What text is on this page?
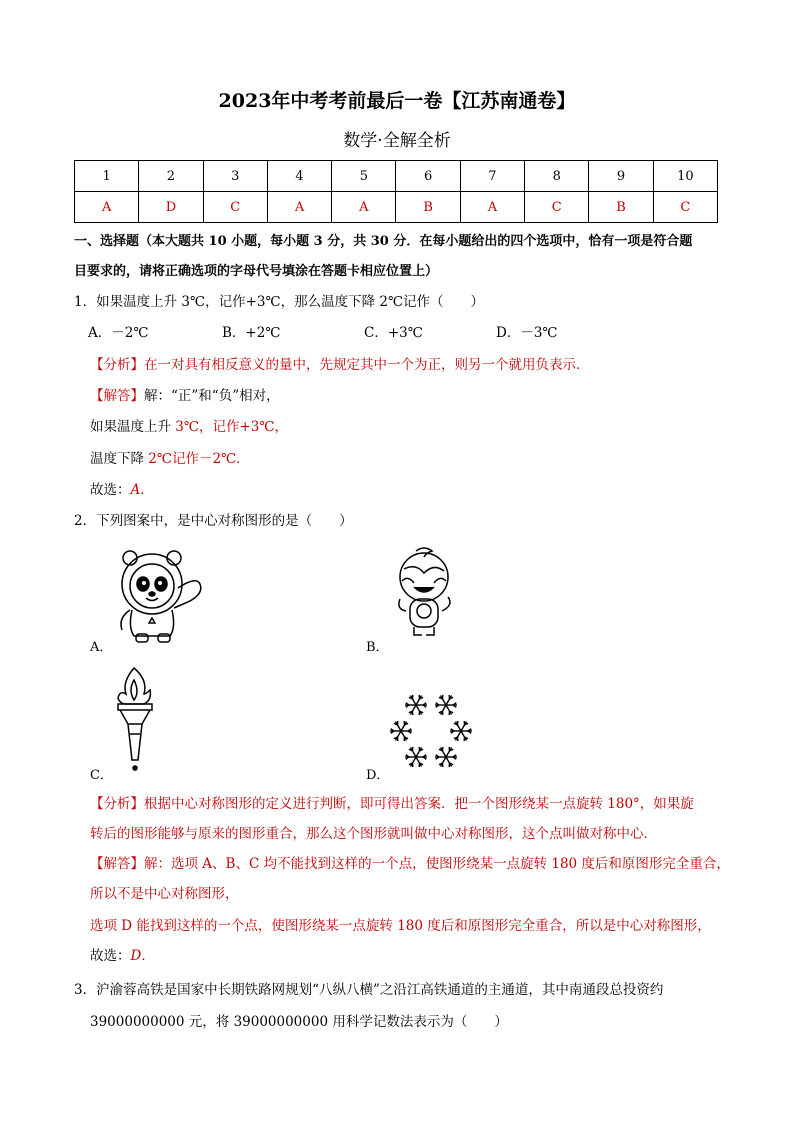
2023年中考考前最后一卷【江苏南通卷】
数学·全解全析
1	2	3	4	5	6	7	8	9	10
A	D	C	A	A	B	A	C	B	C
一、选择题（本大题共 10 小题，每小题 3 分，共 30 分．在每小题给出的四个选项中，恰有一项是符合题
目要求的，请将正确选项的字母代号填涂在答题卡相应位置上）
1．如果温度上升 3℃，记作+3℃，那么温度下降 2℃记作（　　）
A．－2℃	B．+2℃	C．+3℃	D．－3℃
【分析】在一对具有相反意义的量中，先规定其中一个为正，则另一个就用负表示．
【解答】解：“正”和“负”相对，
如果温度上升 3℃，记作+3℃，
温度下降 2℃记作－2℃．
故选：A．
2．下列图案中，是中心对称图形的是（　　）
A．	B．
C．	D．
【分析】根据中心对称图形的定义进行判断，即可得出答案．把一个图形绕某一点旋转 180°，如果旋
转后的图形能够与原来的图形重合，那么这个图形就叫做中心对称图形，这个点叫做对称中心．
【解答】解：选项 A、B、C 均不能找到这样的一个点，使图形绕某一点旋转 180 度后和原图形完全重合，
所以不是中心对称图形，
选项 D 能找到这样的一个点，使图形绕某一点旋转 180 度后和原图形完全重合，所以是中心对称图形，
故选：D．
3．沪渝蓉高铁是国家中长期铁路网规划“八纵八横”之沿江高铁通道的主通道，其中南通段总投资约
39000000000 元，将 39000000000 用科学记数法表示为（　　）
